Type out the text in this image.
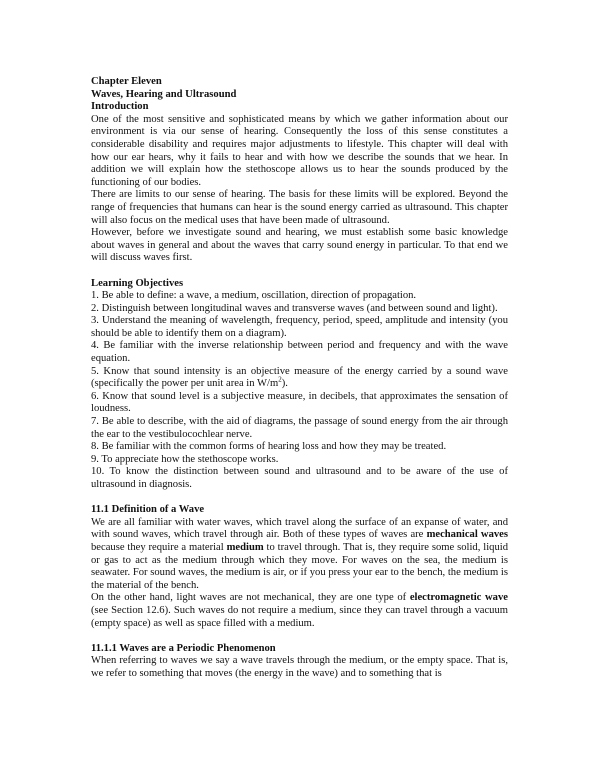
Chapter Eleven
Waves, Hearing and Ultrasound
Introduction

One of the most sensitive and sophisticated means by which we gather information about our environment is via our sense of hearing. Consequently the loss of this sense constitutes a considerable disability and requires major adjustments to lifestyle. This chapter will deal with how our ear hears, why it fails to hear and with how we describe the sounds that we hear. In addition we will explain how the stethoscope allows us to hear the sounds produced by the functioning of our bodies.

There are limits to our sense of hearing. The basis for these limits will be explored. Beyond the range of frequencies that humans can hear is the sound energy carried as ultrasound. This chapter will also focus on the medical uses that have been made of ultrasound.

However, before we investigate sound and hearing, we must establish some basic knowledge about waves in general and about the waves that carry sound energy in particular. To that end we will discuss waves first.

Learning Objectives

1. Be able to define: a wave, a medium, oscillation, direction of propagation.

2. Distinguish between longitudinal waves and transverse waves (and between sound and light).

3. Understand the meaning of wavelength, frequency, period, speed, amplitude and intensity (you should be able to identify them on a diagram).

4. Be familiar with the inverse relationship between period and frequency and with the wave equation.

5. Know that sound intensity is an objective measure of the energy carried by a sound wave (specifically the power per unit area in $W/m^2$).

6. Know that sound level is a subjective measure, in decibels, that approximates the sensation of loudness.

7. Be able to describe, with the aid of diagrams, the passage of sound energy from the air through the ear to the vestibulocochlear nerve.

8. Be familiar with the common forms of hearing loss and how they may be treated.

9. To appreciate how the stethoscope works.

10. To know the distinction between sound and ultrasound and to be aware of the use of ultrasound in diagnosis.

11.1 Definition of a Wave

We are all familiar with water waves, which travel along the surface of an expanse of water, and with sound waves, which travel through air. Both of these types of waves are mechanical waves because they require a material medium to travel through. That is, they require some solid, liquid or gas to act as the medium through which they move. For waves on the sea, the medium is seawater. For sound waves, the medium is air, or if you press your ear to the bench, the medium is the material of the bench.

On the other hand, light waves are not mechanical, they are one type of electromagnetic wave (see Section 12.6). Such waves do not require a medium, since they can travel through a vacuum (empty space) as well as space filled with a medium.

11.1.1 Waves are a Periodic Phenomenon

When referring to waves we say a wave travels through the medium, or the empty space. That is, we refer to something that moves (the energy in the wave) and to something that is
